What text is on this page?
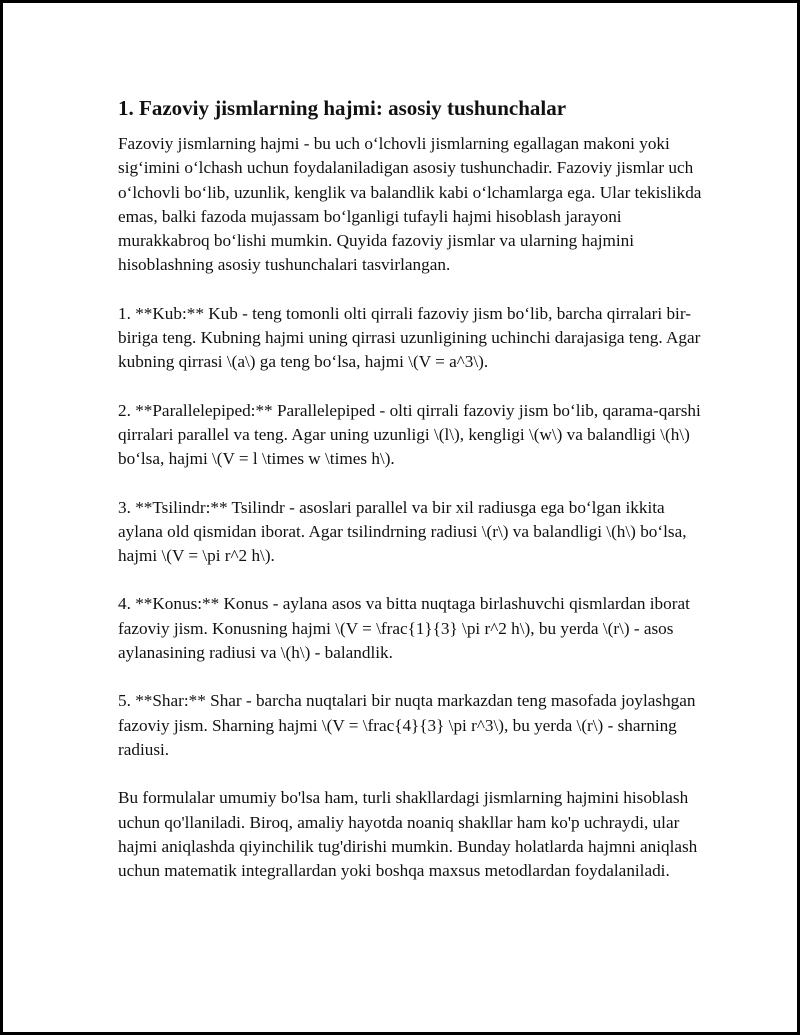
1. Fazoviy jismlarning hajmi: asosiy tushunchalar

Fazoviy jismlarning hajmi - bu uch o‘lchovli jismlarning egallagan makoni yoki sig‘imini o‘lchash uchun foydalaniladigan asosiy tushunchadir. Fazoviy jismlar uch o‘lchovli bo‘lib, uzunlik, kenglik va balandlik kabi o‘lchamlarga ega. Ular tekislikda emas, balki fazoda mujassam bo‘lganligi tufayli hajmi hisoblash jarayoni murakkabroq bo‘lishi mumkin. Quyida fazoviy jismlar va ularning hajmini hisoblashning asosiy tushunchalari tasvirlangan.

1. **Kub:** Kub - teng tomonli olti qirrali fazoviy jism bo‘lib, barcha qirralari bir-biriga teng. Kubning hajmi uning qirrasi uzunligining uchinchi darajasiga teng. Agar kubning qirrasi \(a\) ga teng bo‘lsa, hajmi \(V = a^3\).

2. **Parallelepiped:** Parallelepiped - olti qirrali fazoviy jism bo‘lib, qarama-qarshi qirralari parallel va teng. Agar uning uzunligi \(l\), kengligi \(w\) va balandligi \(h\) bo‘lsa, hajmi \(V = l \times w \times h\).

3. **Tsilindr:** Tsilindr - asoslari parallel va bir xil radiusga ega bo‘lgan ikkita aylana old qismidan iborat. Agar tsilindrning radiusi \(r\) va balandligi \(h\) bo‘lsa, hajmi \(V = \pi r^2 h\).

4. **Konus:** Konus - aylana asos va bitta nuqtaga birlashuvchi qismlardan iborat fazoviy jism. Konusning hajmi \(V = \frac{1}{3} \pi r^2 h\), bu yerda \(r\) - asos aylanasining radiusi va \(h\) - balandlik.

5. **Shar:** Shar - barcha nuqtalari bir nuqta markazdan teng masofada joylashgan fazoviy jism. Sharning hajmi \(V = \frac{4}{3} \pi r^3\), bu yerda \(r\) - sharning radiusi.

Bu formulalar umumiy bo'lsa ham, turli shakllardagi jismlarning hajmini hisoblash uchun qo'llaniladi. Biroq, amaliy hayotda noaniq shakllar ham ko'p uchraydi, ular hajmi aniqlashda qiyinchilik tug'dirishi mumkin. Bunday holatlarda hajmni aniqlash uchun matematik integrallardan yoki boshqa maxsus metodlardan foydalaniladi.
